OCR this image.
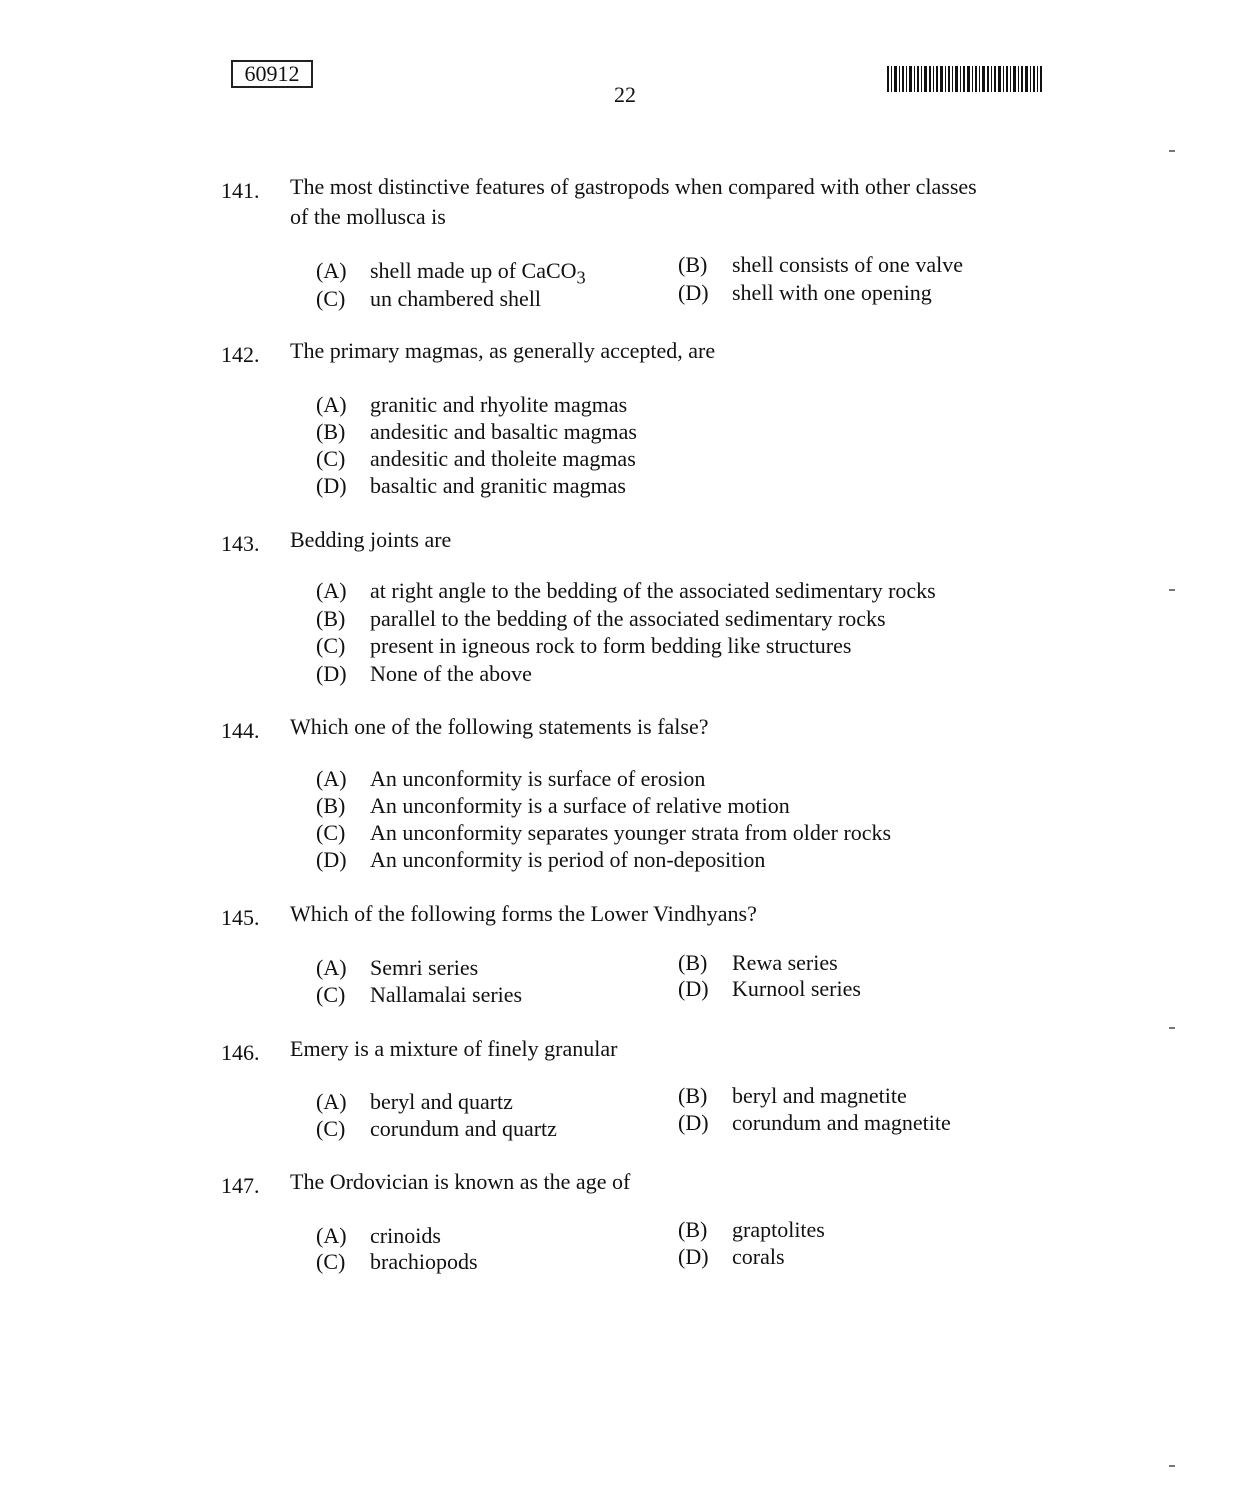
60912
22
141. The most distinctive features of gastropods when compared with other classes
of the mollusca is
(A) shell made up of CaCO$_3$
(B) shell consists of one valve
(C) un chambered shell	(D) shell with one opening
142. The primary magmas, as generally accepted, are
(A) granitic and rhyolite magmas
(B) andesitic and basaltic magmas
(C) andesitic and tholeite magmas
(D) basaltic and granitic magmas
143. Bedding joints are
(A) at right angle to the bedding of the associated sedimentary rocks
(B) parallel to the bedding of the associated sedimentary rocks
(C) present in igneous rock to form bedding like structures
(D) None of the above
144. Which one of the following statements is false?
(A) An unconformity is surface of erosion
(B) An unconformity is a surface of relative motion
(C) An unconformity separates younger strata from older rocks
(D) An unconformity is period of non-deposition
145. Which of the following forms the Lower Vindhyans?
(A) Semri series	(B) Rewa series
(C) Nallamalai series	(D) Kurnool series
146. Emery is a mixture of finely granular
(A) beryl and quartz	(B) beryl and magnetite
(C) corundum and quartz	(D) corundum and magnetite
147. The Ordovician is known as the age of
(A) crinoids	(B) graptolites
(C) brachiopods	(D) corals
